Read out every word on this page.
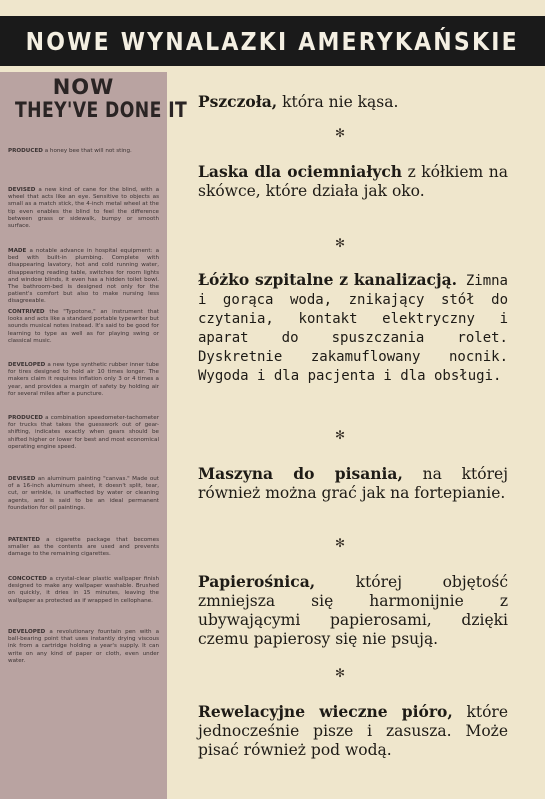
NOWE WYNALAZKI AMERYKAŃSKIE
NOW
THEY'VE DONE IT
PRODUCED a honey bee that will not sting.
DEVISED a new kind of cane for the blind, with a wheel that acts like an eye. Sensitive to objects as small as a match stick, the 4-inch metal wheel at the tip even enables the blind to feel the difference between grass or sidewalk, bumpy or smooth surface.
MADE a notable advance in hospital equipment: a bed with built-in plumbing. Complete with disappearing lavatory, hot and cold running water, disappearing reading table, switches for room lights and window blinds, it even has a hidden toilet bowl. The bathroom-bed is designed not only for the patient's comfort but also to make nursing less disagreeable.
CONTRIVED the "Typotone," an instrument that looks and acts like a standard portable typewriter but sounds musical notes instead. It's said to be good for learning to type as well as for playing swing or classical music.
DEVELOPED a new type synthetic rubber inner tube for tires designed to hold air 10 times longer. The makers claim it requires inflation only 3 or 4 times a year, and provides a margin of safety by holding air for several miles after a puncture.
PRODUCED a combination speedometer-tachometer for trucks that takes the guesswork out of gear-shifting, indicates exactly when gears should be shifted higher or lower for best and most economical operating engine speed.
DEVISED an aluminum painting "canvas." Made out of a 16-inch aluminum sheet, it doesn't split, tear, cut, or wrinkle, is unaffected by water or cleaning agents, and is said to be an ideal permanent foundation for oil paintings.
PATENTED a cigarette package that becomes smaller as the contents are used and prevents damage to the remaining cigarettes.
CONCOCTED a crystal-clear plastic wallpaper finish designed to make any wallpaper washable. Brushed on quickly, it dries in 15 minutes, leaving the wallpaper as protected as if wrapped in cellophane.
DEVELOPED a revolutionary fountain pen with a ball-bearing point that uses instantly drying viscous ink from a cartridge holding a year's supply. It can write on any kind of paper or cloth, even under water.
Pszczoła, która nie kąsa.
✻
Laska dla ociemniałych z kółkiem na skówce, które działa jak oko.
✻
Łóżko szpitalne z kanalizacją. Zimna i gorąca woda, znikający stół do czytania, kontakt elektryczny i aparat do spuszczania rolet. Dyskretnie zakamuflowany nocnik. Wygoda i dla pacjenta i dla obsługi.
✻
Maszyna do pisania, na której również można grać jak na fortepianie.
✻
Papierośnica, której objętość zmniejsza się harmonijnie z ubywającymi papierosami, dzięki czemu papierosy się nie psują.
✻
Rewelacyjne wieczne pióro, które jednocześnie pisze i zasusza. Może pisać również pod wodą.
